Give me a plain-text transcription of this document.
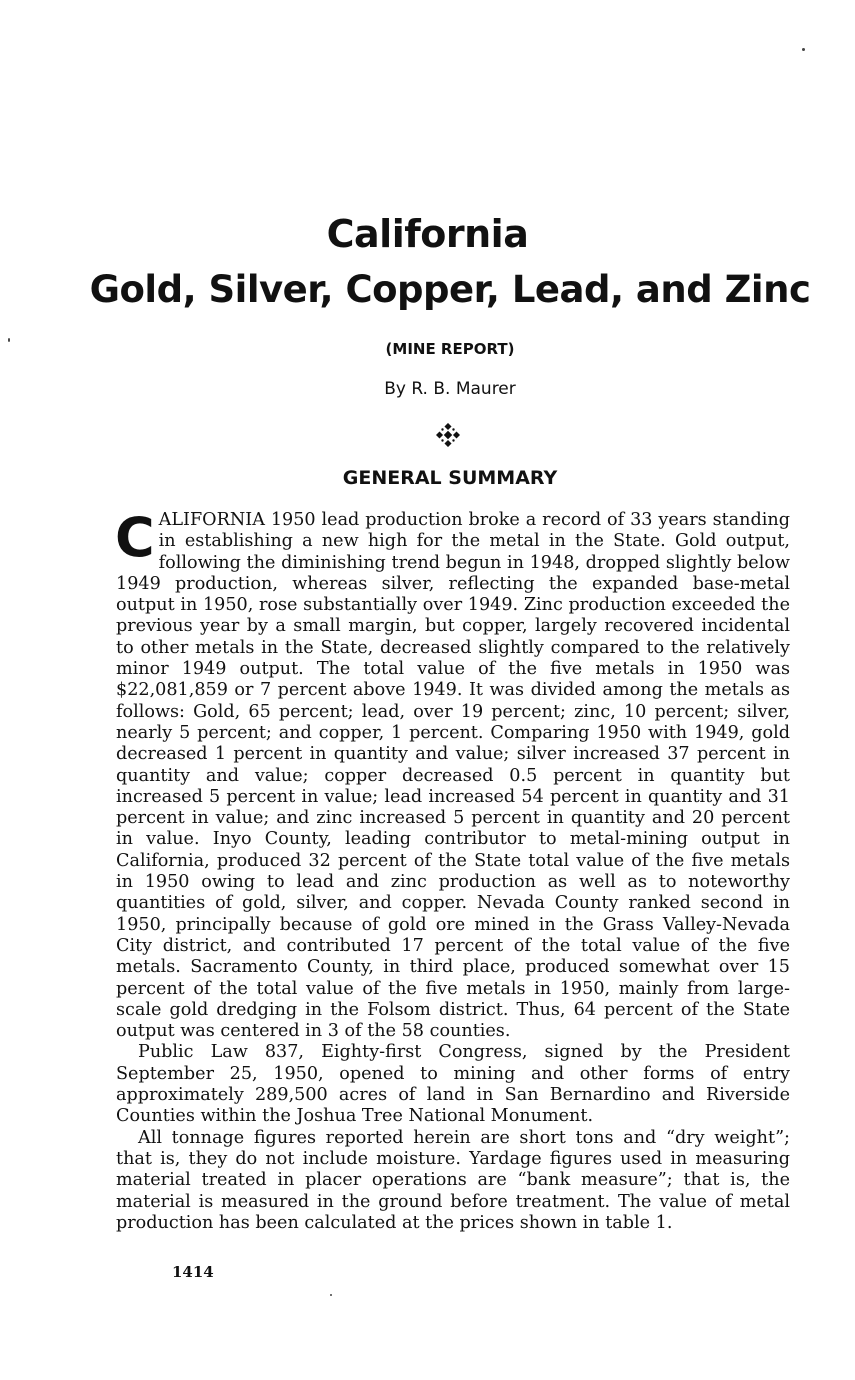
California
Gold, Silver, Copper, Lead, and Zinc
(MINE REPORT)
By R. B. Maurer
GENERAL SUMMARY

CALIFORNIA 1950 lead production broke a record of 33 years standing in establishing a new high for the metal in the State. Gold output, following the diminishing trend begun in 1948, dropped slightly below 1949 production, whereas silver, reflecting the expanded base-metal output in 1950, rose substantially over 1949. Zinc production exceeded the previous year by a small margin, but copper, largely recovered incidental to other metals in the State, decreased slightly compared to the relatively minor 1949 output. The total value of the five metals in 1950 was $22,081,859 or 7 percent above 1949. It was divided among the metals as follows: Gold, 65 percent; lead, over 19 percent; zinc, 10 percent; silver, nearly 5 percent; and copper, 1 percent. Comparing 1950 with 1949, gold decreased 1 percent in quantity and value; silver increased 37 percent in quantity and value; copper decreased 0.5 percent in quantity but increased 5 percent in value; lead increased 54 percent in quantity and 31 percent in value; and zinc increased 5 percent in quantity and 20 percent in value. Inyo County, leading contributor to metal-mining output in California, produced 32 percent of the State total value of the five metals in 1950 owing to lead and zinc production as well as to noteworthy quantities of gold, silver, and copper. Nevada County ranked second in 1950, principally because of gold ore mined in the Grass Valley-Nevada City district, and contributed 17 percent of the total value of the five metals. Sacramento County, in third place, produced somewhat over 15 percent of the total value of the five metals in 1950, mainly from large-scale gold dredging in the Folsom district. Thus, 64 percent of the State output was centered in 3 of the 58 counties.

Public Law 837, Eighty-first Congress, signed by the President September 25, 1950, opened to mining and other forms of entry approximately 289,500 acres of land in San Bernardino and Riverside Counties within the Joshua Tree National Monument.

All tonnage figures reported herein are short tons and “dry weight”; that is, they do not include moisture. Yardage figures used in measuring material treated in placer operations are “bank measure”; that is, the material is measured in the ground before treatment. The value of metal production has been calculated at the prices shown in table 1.

1414
